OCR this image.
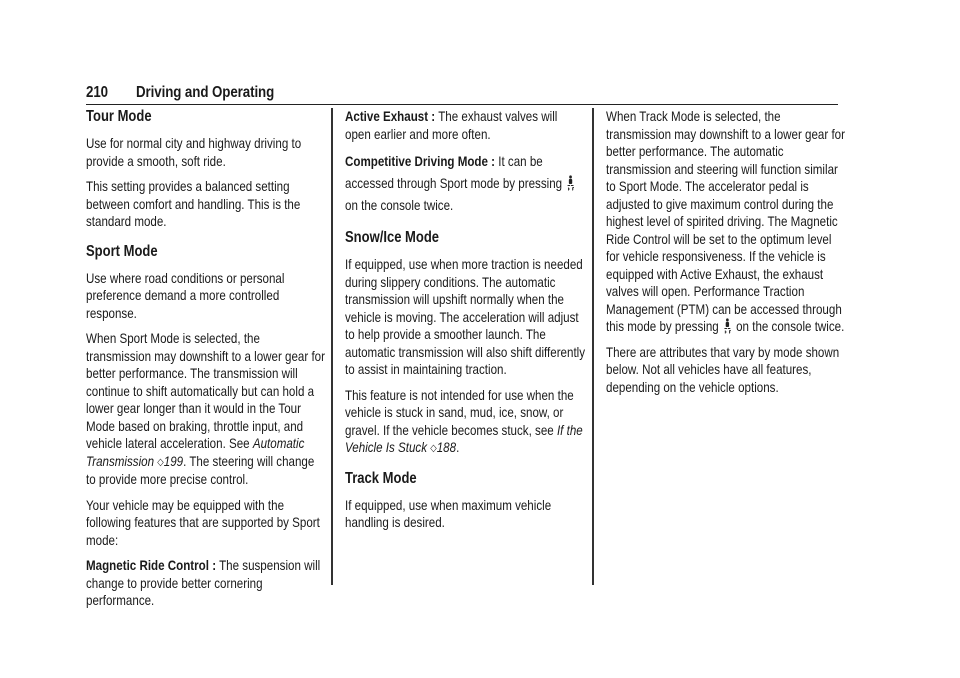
210 Driving and Operating
Tour Mode

Use for normal city and highway driving to provide a smooth, soft ride.

This setting provides a balanced setting between comfort and handling. This is the standard mode.

Sport Mode

Use where road conditions or personal preference demand a more controlled response.

When Sport Mode is selected, the transmission may downshift to a lower gear for better performance. The transmission will continue to shift automatically but can hold a lower gear longer than it would in the Tour Mode based on braking, throttle input, and vehicle lateral acceleration. See Automatic Transmission ◇199. The steering will change to provide more precise control.

Your vehicle may be equipped with the following features that are supported by Sport mode:

Magnetic Ride Control : The suspension will change to provide better cornering performance.

Active Exhaust : The exhaust valves will open earlier and more often.

Competitive Driving Mode : It can be accessed through Sport mode by pressing
on the console twice.

Snow/Ice Mode

If equipped, use when more traction is needed during slippery conditions. The automatic transmission will upshift normally when the vehicle is moving. The acceleration will adjust to help provide a smoother launch. The automatic transmission will also shift differently to assist in maintaining traction.

This feature is not intended for use when the vehicle is stuck in sand, mud, ice, snow, or gravel. If the vehicle becomes stuck, see If the Vehicle Is Stuck ◇188.

Track Mode

If equipped, use when maximum vehicle handling is desired.

When Track Mode is selected, the transmission may downshift to a lower gear for better performance. The automatic transmission and steering will function similar to Sport Mode. The accelerator pedal is adjusted to give maximum control during the highest level of spirited driving. The Magnetic Ride Control will be set to the optimum level for vehicle responsiveness. If the vehicle is equipped with Active Exhaust, the exhaust valves will open. Performance Traction Management (PTM) can be accessed through this mode by pressing on the console twice.

There are attributes that vary by mode shown below. Not all vehicles have all features, depending on the vehicle options.
